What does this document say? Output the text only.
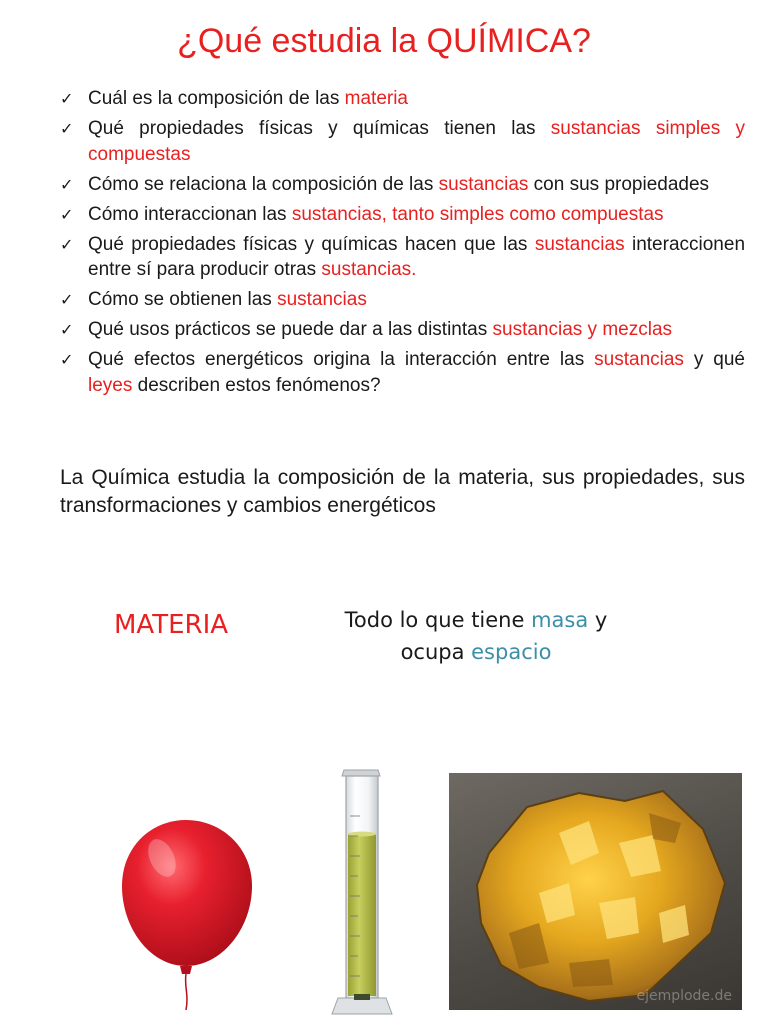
¿Qué estudia la QUÍMICA?
✓ Cuál es la composición de las materia
✓ Qué propiedades físicas y químicas tienen las sustancias simples y compuestas
✓ Cómo se relaciona la composición de las sustancias con sus propiedades
✓ Cómo interaccionan las sustancias, tanto simples como compuestas
✓ Qué propiedades físicas y químicas hacen que las sustancias interaccionen entre sí para producir otras sustancias.
✓ Cómo se obtienen las sustancias
✓ Qué usos prácticos se puede dar a las distintas sustancias y mezclas
✓ Qué efectos energéticos origina la interacción entre las sustancias y qué leyes describen estos fenómenos?
La Química estudia la composición de la materia, sus propiedades, sus transformaciones y cambios energéticos
MATERIA	Todo lo que tiene masa y ocupa espacio
ejemplode.de
